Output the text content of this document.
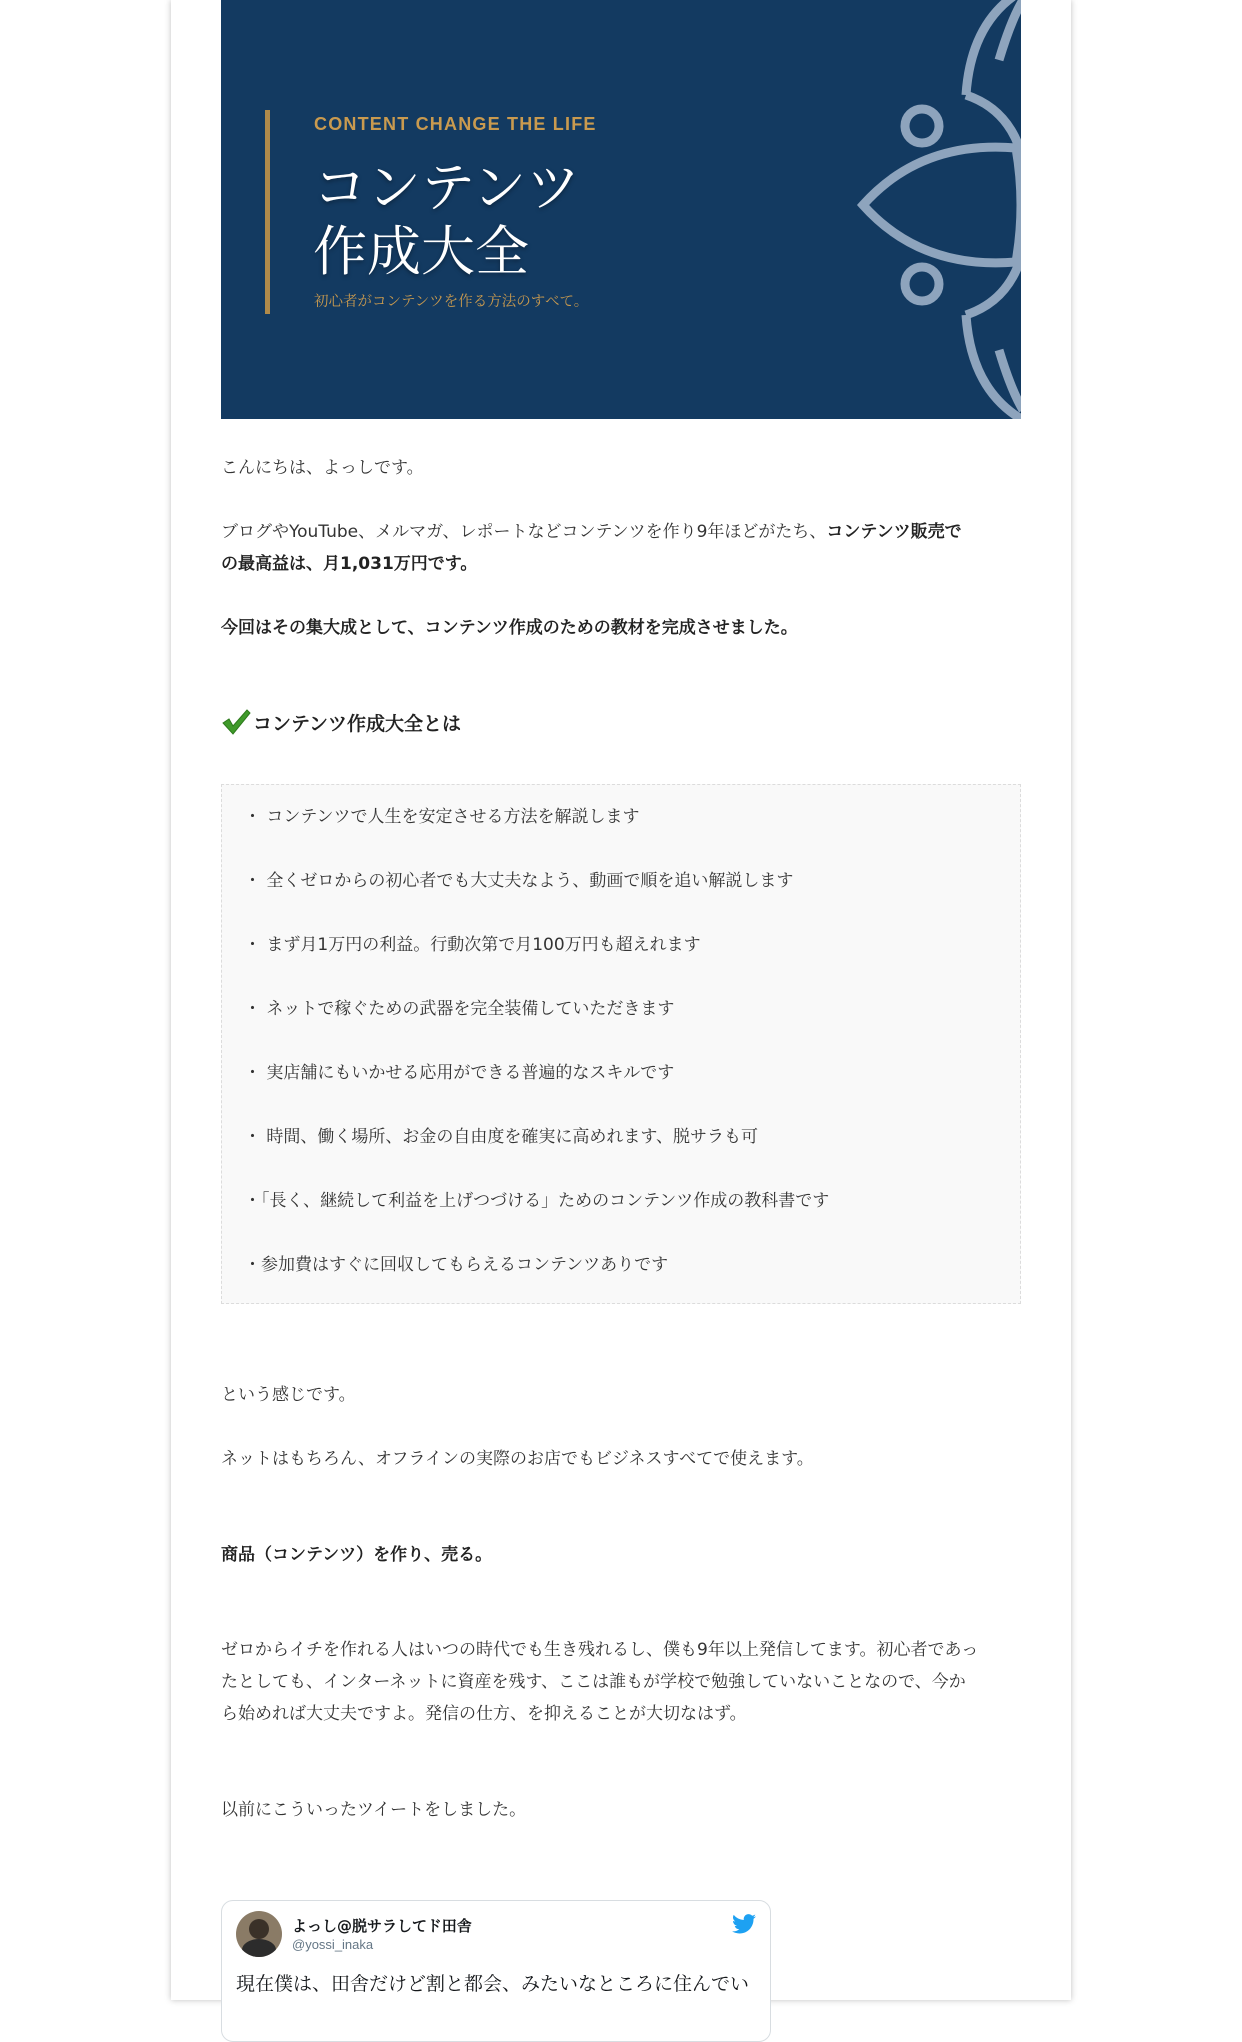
CONTENT CHANGE THE LIFE
コンテンツ
作成大全
初心者がコンテンツを作る方法のすべて。

こんにちは、よっしです。

ブログやYouTube、メルマガ、レポートなどコンテンツを作り9年ほどがたち、コンテンツ販売で
の最高益は、月1,031万円です。

今回はその集大成として、コンテンツ作成のための教材を完成させました。

コンテンツ作成大全とは
・ コンテンツで人生を安定させる方法を解説します
・ 全くゼロからの初心者でも大丈夫なよう、動画で順を追い解説します
・ まず月1万円の利益。行動次第で月100万円も超えれます
・ ネットで稼ぐための武器を完全装備していただきます
・ 実店舗にもいかせる応用ができる普遍的なスキルです
・ 時間、働く場所、お金の自由度を確実に高めれます、脱サラも可
・「長く、継続して利益を上げつづける」ためのコンテンツ作成の教科書です
・参加費はすぐに回収してもらえるコンテンツありです

という感じです。

ネットはもちろん、オフラインの実際のお店でもビジネスすべてで使えます。

商品（コンテンツ）を作り、売る。

ゼロからイチを作れる人はいつの時代でも生き残れるし、僕も9年以上発信してます。初心者であっ
たとしても、インターネットに資産を残す、ここは誰もが学校で勉強していないことなので、今か
ら始めれば大丈夫ですよ。発信の仕方、を抑えることが大切なはず。

以前にこういったツイートをしました。

よっし@脱サラしてド田舎
@yossi_inaka
現在僕は、田舎だけど割と都会、みたいなところに住んでい
